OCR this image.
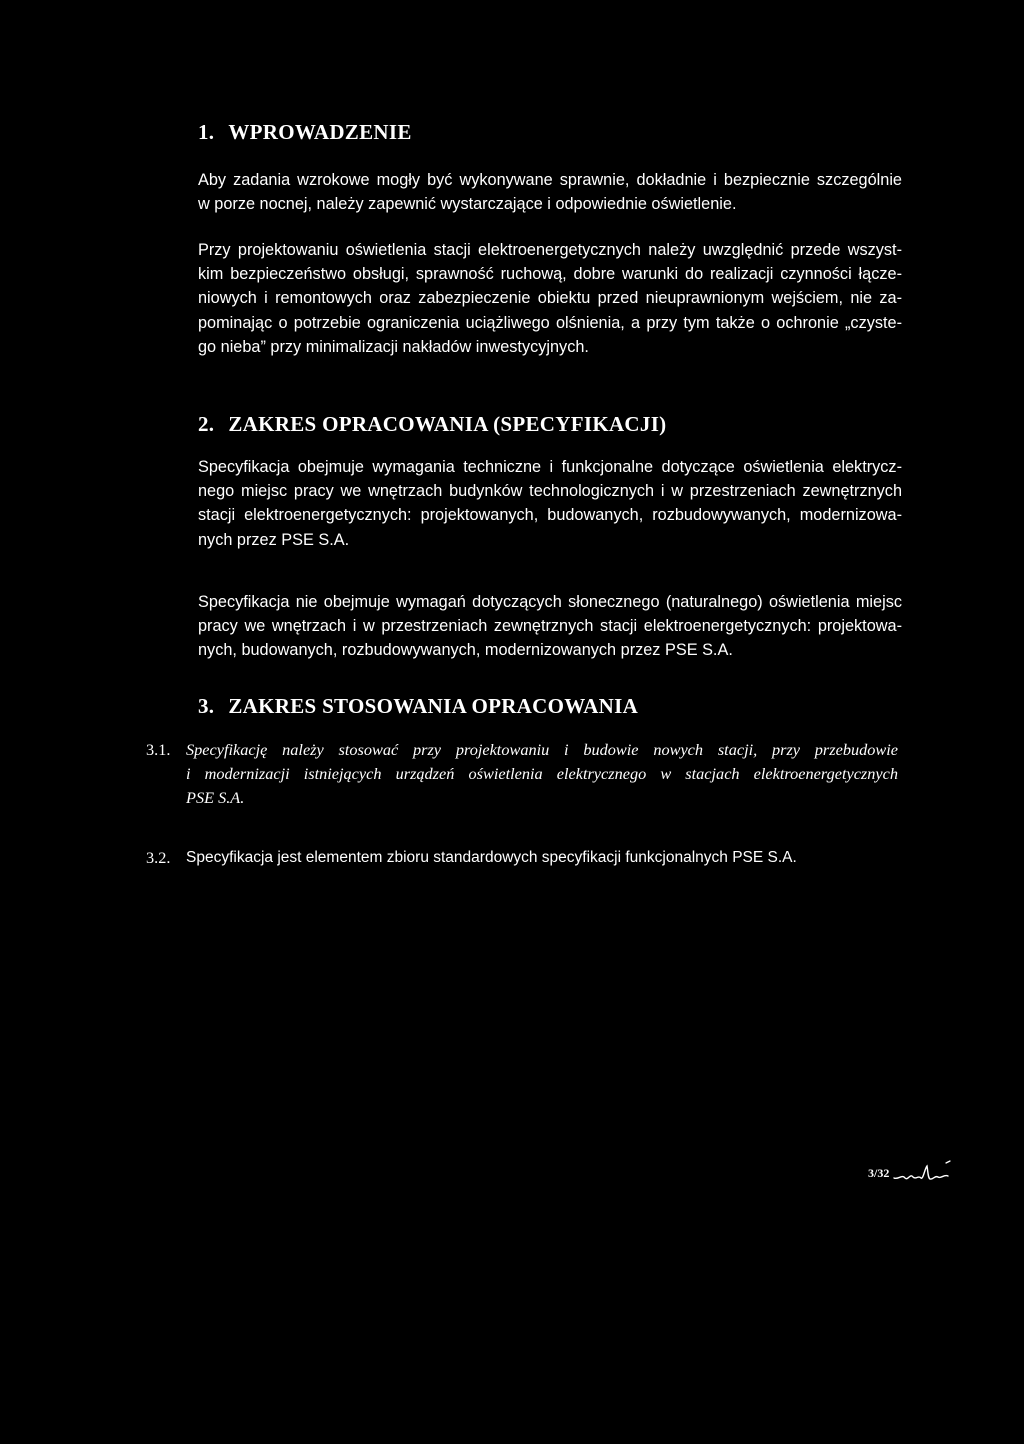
1. WPROWADZENIE
Aby zadania wzrokowe mogły być wykonywane sprawnie, dokładnie i bezpiecznie szczególnie
w porze nocnej, należy zapewnić wystarczające i odpowiednie oświetlenie.
Przy projektowaniu oświetlenia stacji elektroenergetycznych należy uwzględnić przede wszyst-
kim bezpieczeństwo obsługi, sprawność ruchową, dobre warunki do realizacji czynności łącze-
niowych i remontowych oraz zabezpieczenie obiektu przed nieuprawnionym wejściem, nie za-
pominając o potrzebie ograniczenia uciążliwego olśnienia, a przy tym także o ochronie „czyste-
go nieba” przy minimalizacji nakładów inwestycyjnych.
2. ZAKRES OPRACOWANIA (SPECYFIKACJI)
Specyfikacja obejmuje wymagania techniczne i funkcjonalne dotyczące oświetlenia elektrycz-
nego miejsc pracy we wnętrzach budynków technologicznych i w przestrzeniach zewnętrznych
stacji elektroenergetycznych: projektowanych, budowanych, rozbudowywanych, modernizowa-
nych przez PSE S.A.
Specyfikacja nie obejmuje wymagań dotyczących słonecznego (naturalnego) oświetlenia miejsc
pracy we wnętrzach i w przestrzeniach zewnętrznych stacji elektroenergetycznych: projektowa-
nych, budowanych, rozbudowywanych, modernizowanych przez PSE S.A.
3. ZAKRES STOSOWANIA OPRACOWANIA
3.1. Specyfikację należy stosować przy projektowaniu i budowie nowych stacji, przy przebudowie
i modernizacji istniejących urządzeń oświetlenia elektrycznego w stacjach elektroenergetycznych
PSE S.A.
3.2. Specyfikacja jest elementem zbioru standardowych specyfikacji funkcjonalnych PSE S.A.
3/32
